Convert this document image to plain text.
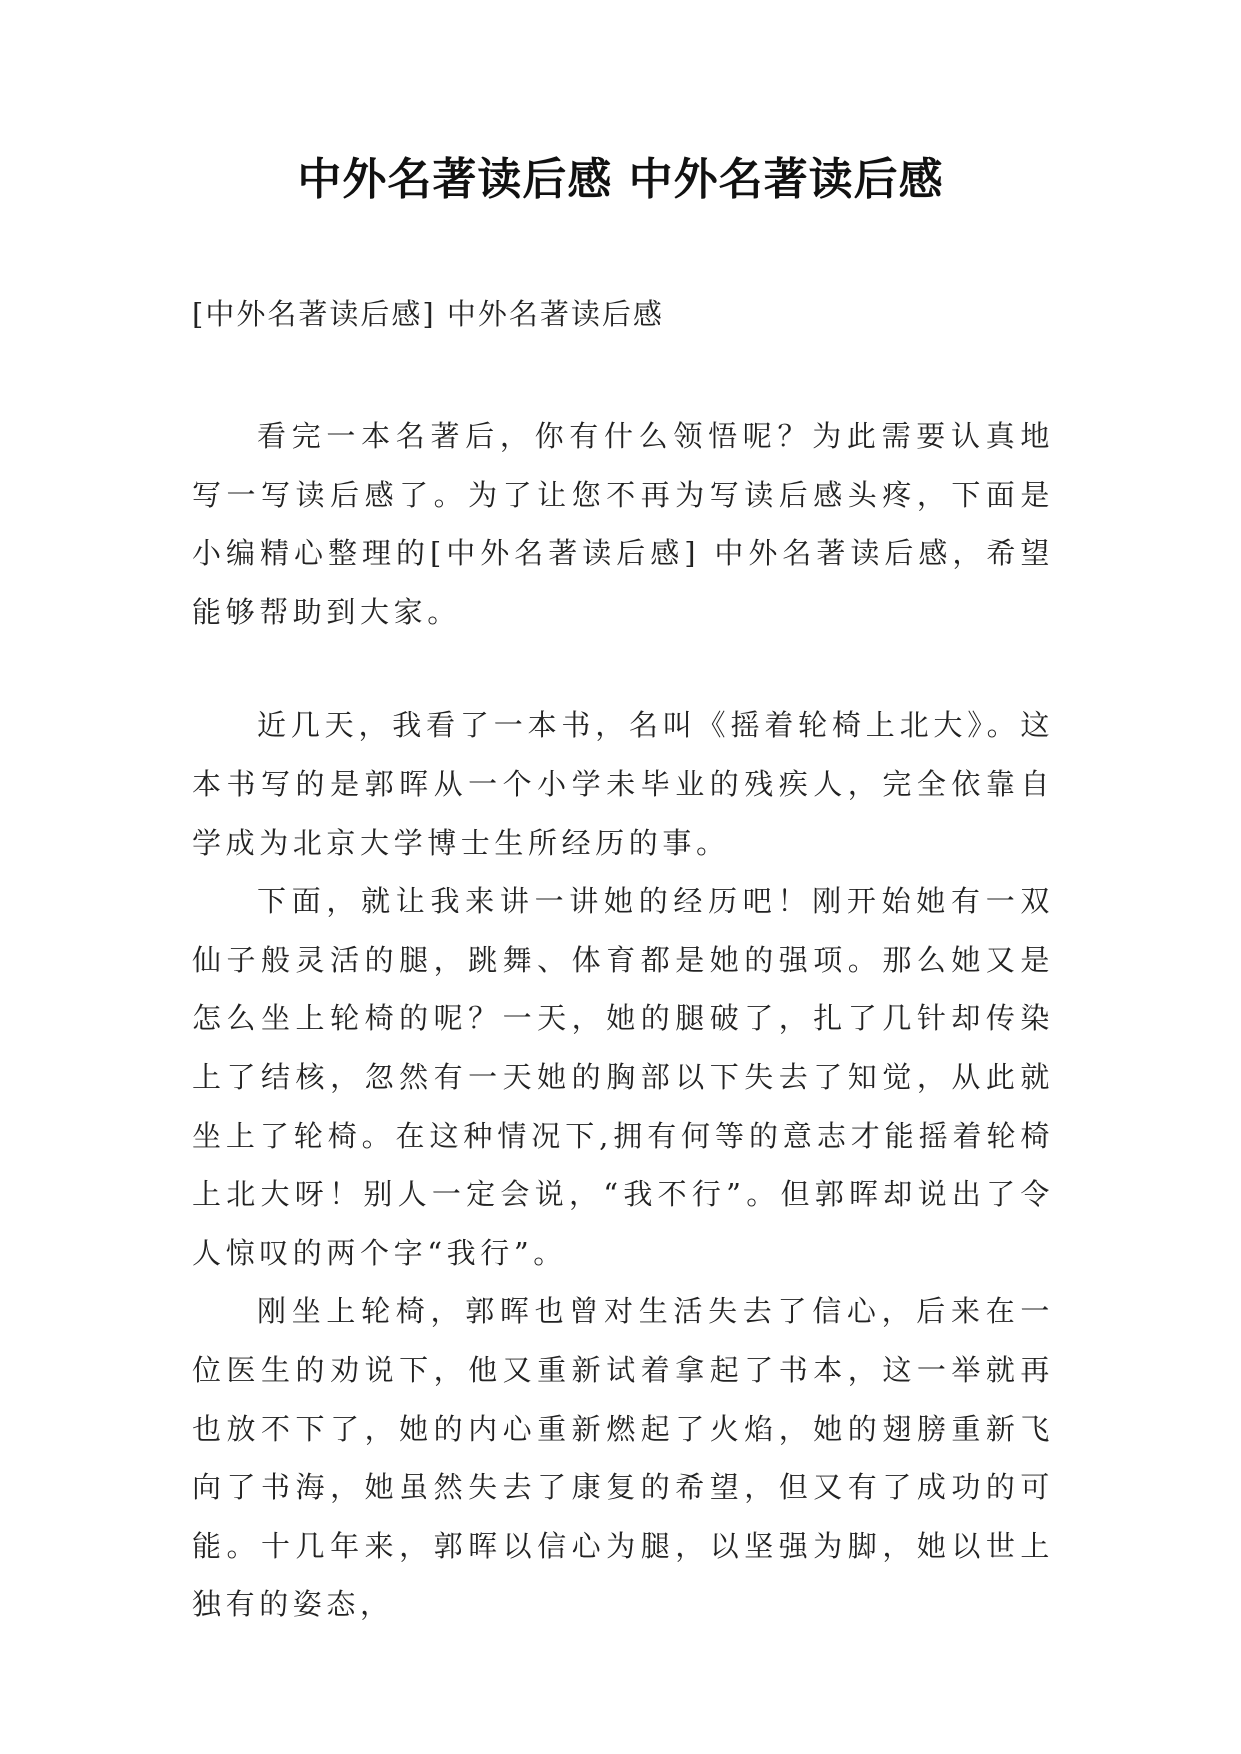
中外名著读后感 中外名著读后感
[中外名著读后感] 中外名著读后感

看完一本名著后，你有什么领悟呢？为此需要认真地写一写读后感了。为了让您不再为写读后感头疼，下面是小编精心整理的[中外名著读后感] 中外名著读后感，希望能够帮助到大家。

近几天，我看了一本书，名叫《摇着轮椅上北大》。这本书写的是郭晖从一个小学未毕业的残疾人，完全依靠自学成为北京大学博士生所经历的事。

下面，就让我来讲一讲她的经历吧！刚开始她有一双仙子般灵活的腿，跳舞、体育都是她的强项。那么她又是怎么坐上轮椅的呢？一天，她的腿破了，扎了几针却传染上了结核，忽然有一天她的胸部以下失去了知觉，从此就坐上了轮椅。在这种情况下,拥有何等的意志才能摇着轮椅上北大呀！别人一定会说，“我不行”。但郭晖却说出了令人惊叹的两个字“我行”。

刚坐上轮椅，郭晖也曾对生活失去了信心，后来在一位医生的劝说下，他又重新试着拿起了书本，这一举就再也放不下了，她的内心重新燃起了火焰，她的翅膀重新飞向了书海，她虽然失去了康复的希望，但又有了成功的可能。十几年来，郭晖以信心为腿，以坚强为脚，她以世上独有的姿态，
